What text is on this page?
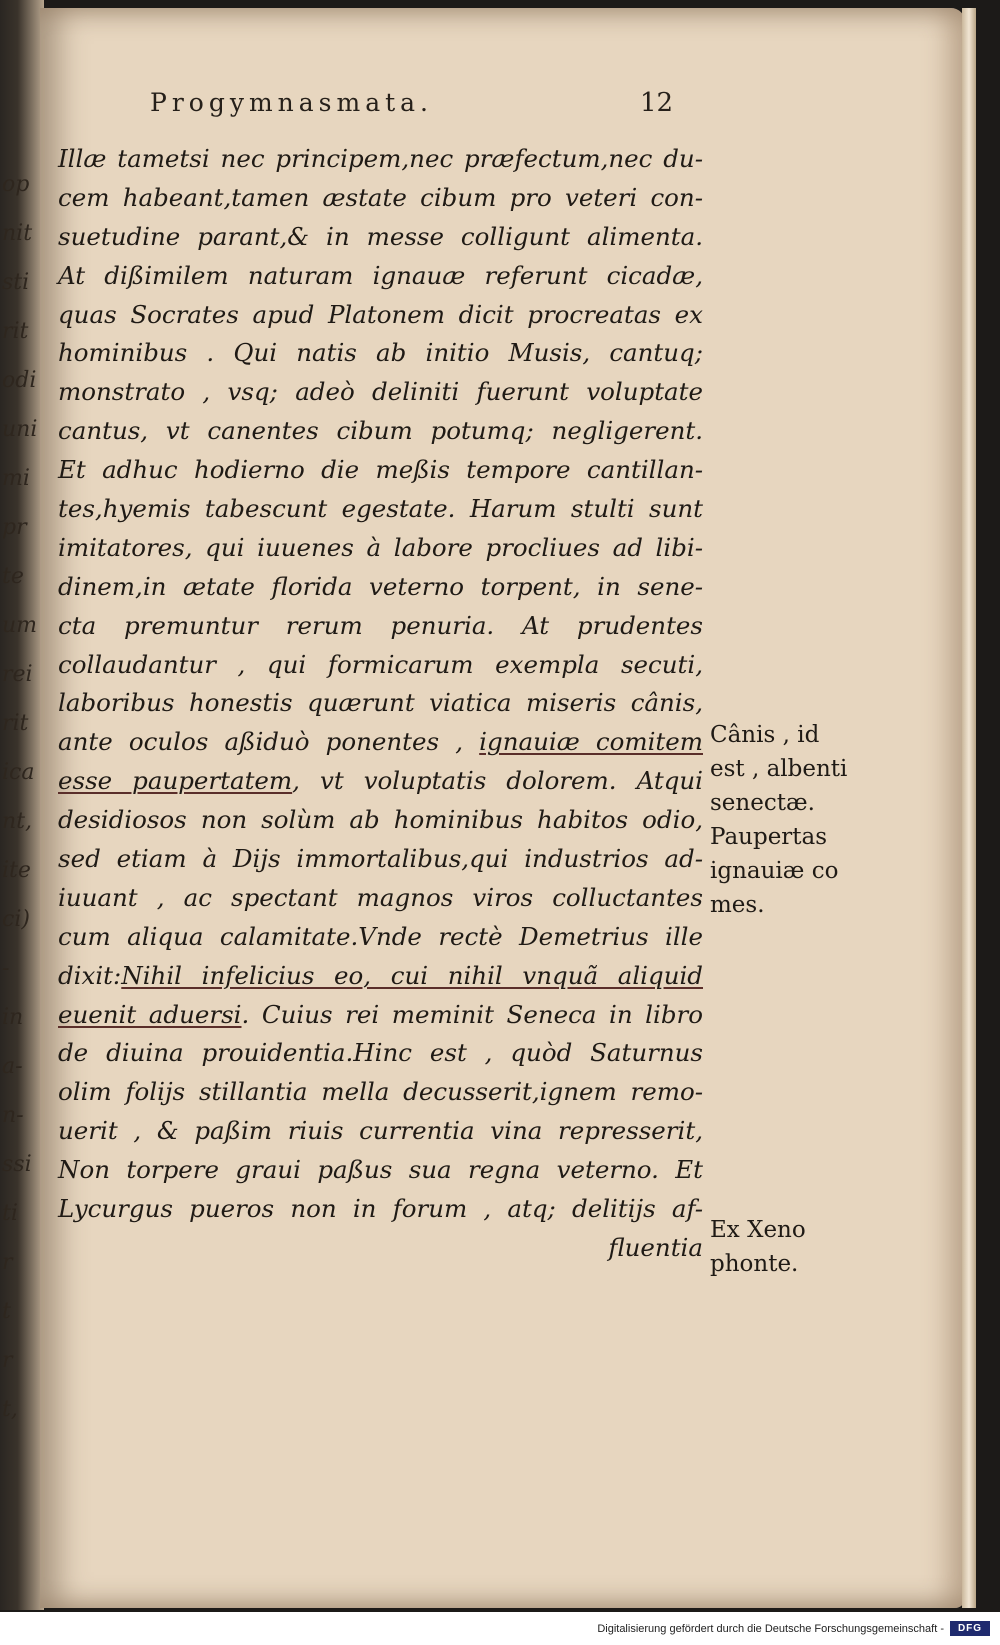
op
nit
sti
rit
odi
uni
mi
pr
te
um
rei
rit
ica
nt,
ite
ci)
-
in
a-
n-
ssi
ti
r
t
r
t,
Progymnasmata.	12
Illæ tametsi nec principem,nec præfectum,nec du-
cem habeant,tamen æstate cibum pro veteri con-
suetudine parant,& in messe colligunt alimenta.
At dißimilem naturam ignauæ referunt cicadæ,
quas Socrates apud Platonem dicit procreatas ex
hominibus . Qui natis ab initio Musis, cantuq;
monstrato , vsq; adeò deliniti fuerunt voluptate
cantus, vt canentes cibum potumq; negligerent.
Et adhuc hodierno die meßis tempore cantillan-
tes,hyemis tabescunt egestate. Harum stulti sunt
imitatores, qui iuuenes à labore procliues ad libi-
dinem,in ætate florida veterno torpent, in sene-
cta premuntur rerum penuria. At prudentes
collaudantur , qui formicarum exempla secuti,
laboribus honestis quærunt viatica miseris cânis,
ante oculos aßiduò ponentes , ignauiæ comitem
esse paupertatem, vt voluptatis dolorem. Atqui
desidiosos non solùm ab hominibus habitos odio,
sed etiam à Dijs immortalibus,qui industrios ad-
iuuant , ac spectant magnos viros colluctantes
cum aliqua calamitate.Vnde rectè Demetrius ille
dixit:Nihil infelicius eo, cui nihil vnquã aliquid
euenit aduersi. Cuius rei meminit Seneca in libro
de diuina prouidentia.Hinc est , quòd Saturnus
olim folijs stillantia mella decusserit,ignem remo-
uerit , & paßim riuis currentia vina represserit,
Non torpere graui paßus sua regna veterno. Et
Lycurgus pueros non in forum , atq; delitijs af-
fluentia
Cânis , id
est , albenti
senectæ.
Paupertas
ignauiæ co
mes.
Ex Xeno
phonte.
Digitalisierung gefördert durch die Deutsche Forschungsgemeinschaft -	DFG
